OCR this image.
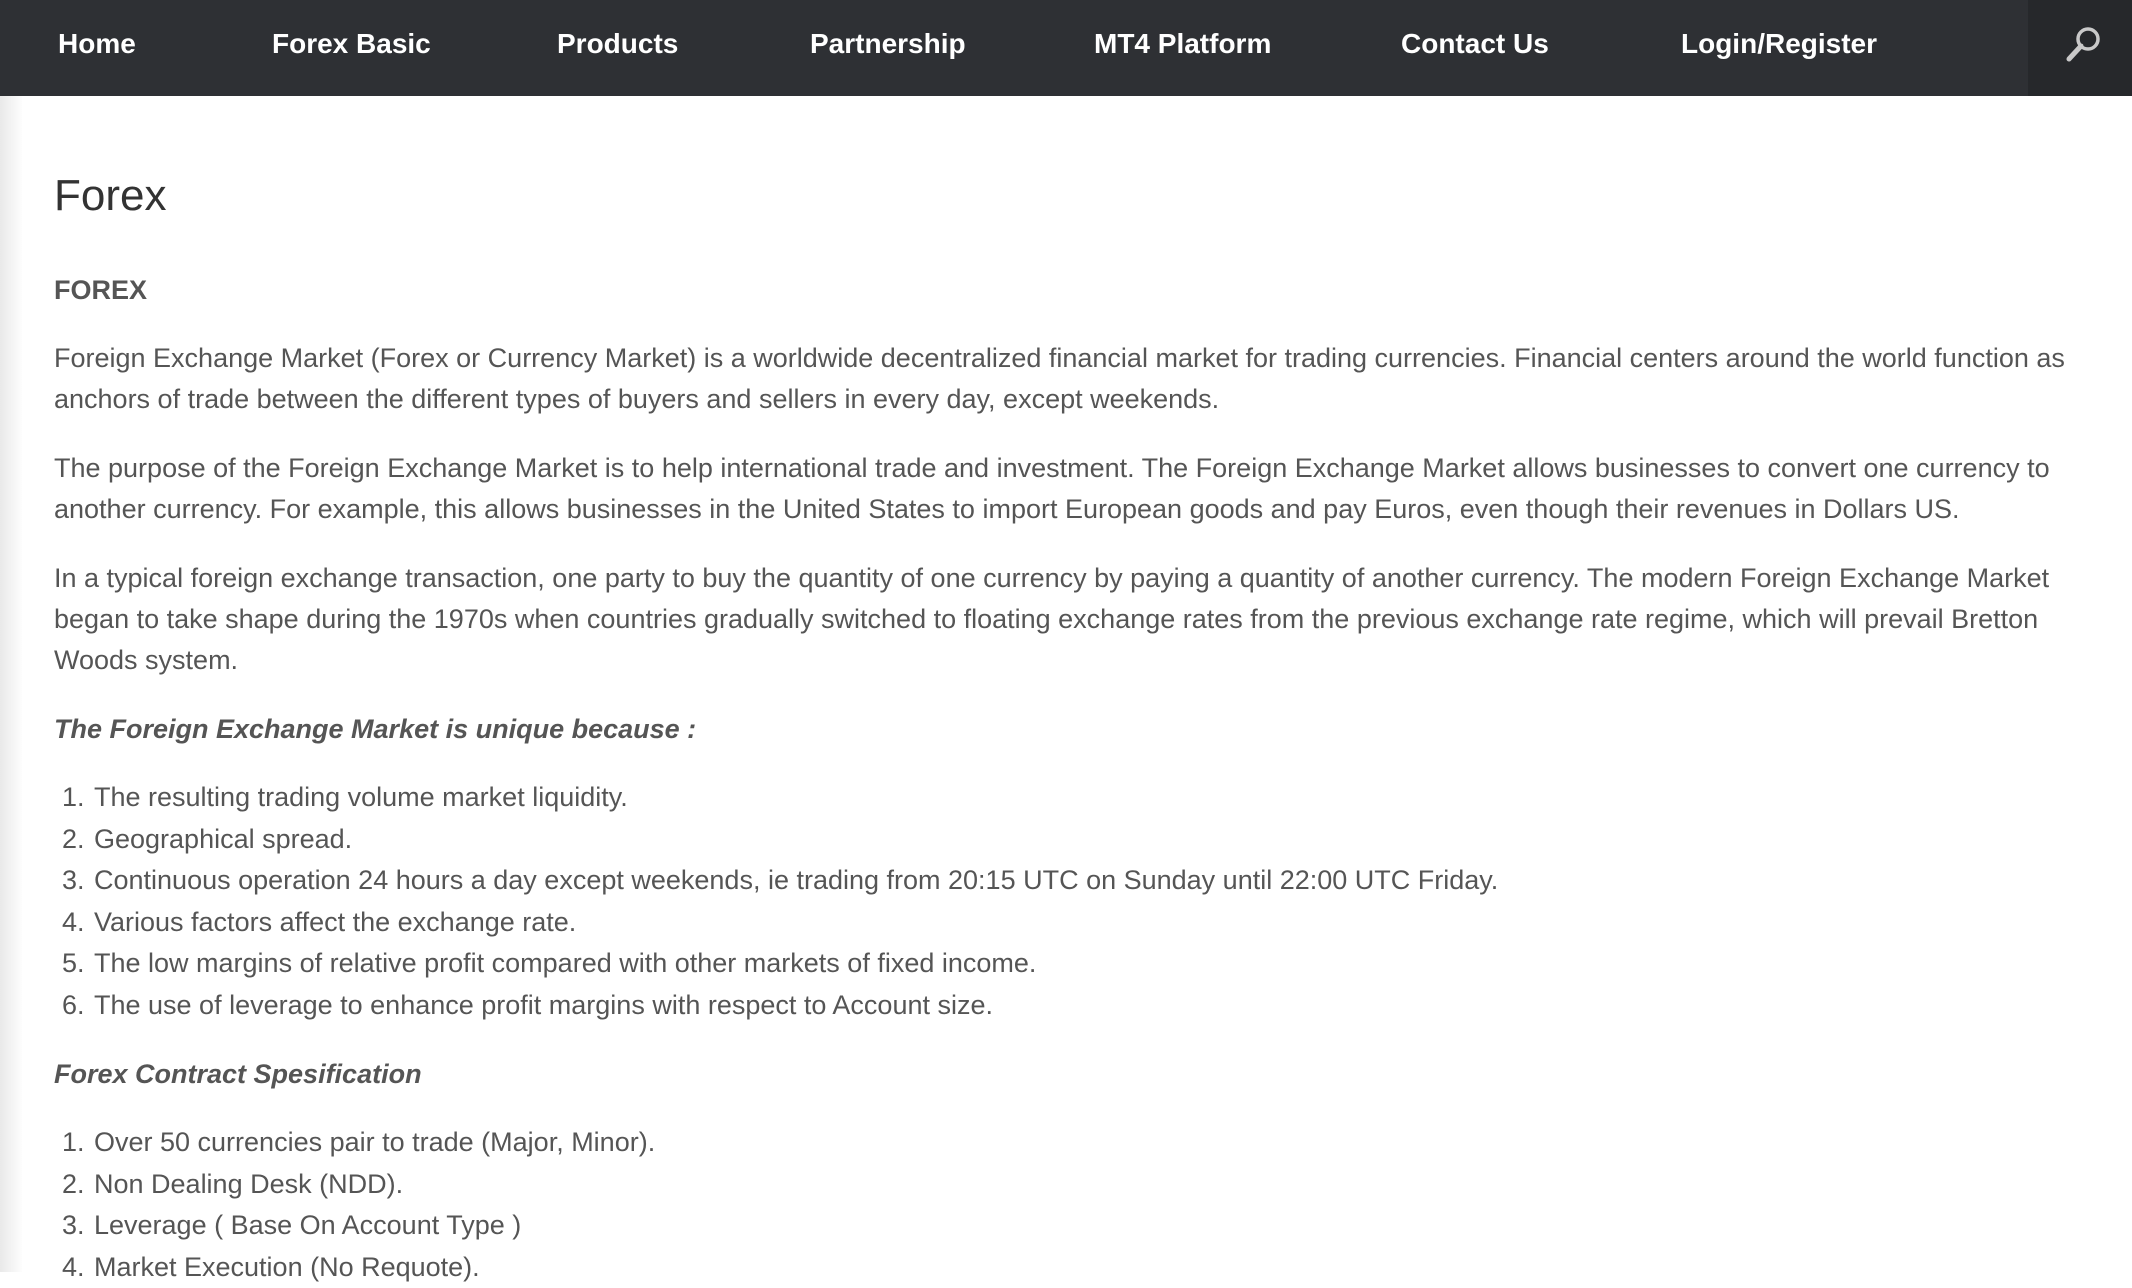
Home	Forex Basic	Products	Partnership	MT4 Platform	Contact Us	Login/Register
Forex
FOREX

Foreign Exchange Market (Forex or Currency Market) is a worldwide decentralized financial market for trading currencies. Financial centers around the world function as anchors of trade between the different types of buyers and sellers in every day, except weekends.

The purpose of the Foreign Exchange Market is to help international trade and investment. The Foreign Exchange Market allows businesses to convert one currency to another currency. For example, this allows businesses in the United States to import European goods and pay Euros, even though their revenues in Dollars US.

In a typical foreign exchange transaction, one party to buy the quantity of one currency by paying a quantity of another currency. The modern Foreign Exchange Market began to take shape during the 1970s when countries gradually switched to floating exchange rates from the previous exchange rate regime, which will prevail Bretton Woods system.

The Foreign Exchange Market is unique because :
1. The resulting trading volume market liquidity.
2. Geographical spread.
3. Continuous operation 24 hours a day except weekends, ie trading from 20:15 UTC on Sunday until 22:00 UTC Friday.
4. Various factors affect the exchange rate.
5. The low margins of relative profit compared with other markets of fixed income.
6. The use of leverage to enhance profit margins with respect to Account size.
Forex Contract Spesification
1. Over 50 currencies pair to trade (Major, Minor).
2. Non Dealing Desk (NDD).
3. Leverage ( Base On Account Type )
4. Market Execution (No Requote).
